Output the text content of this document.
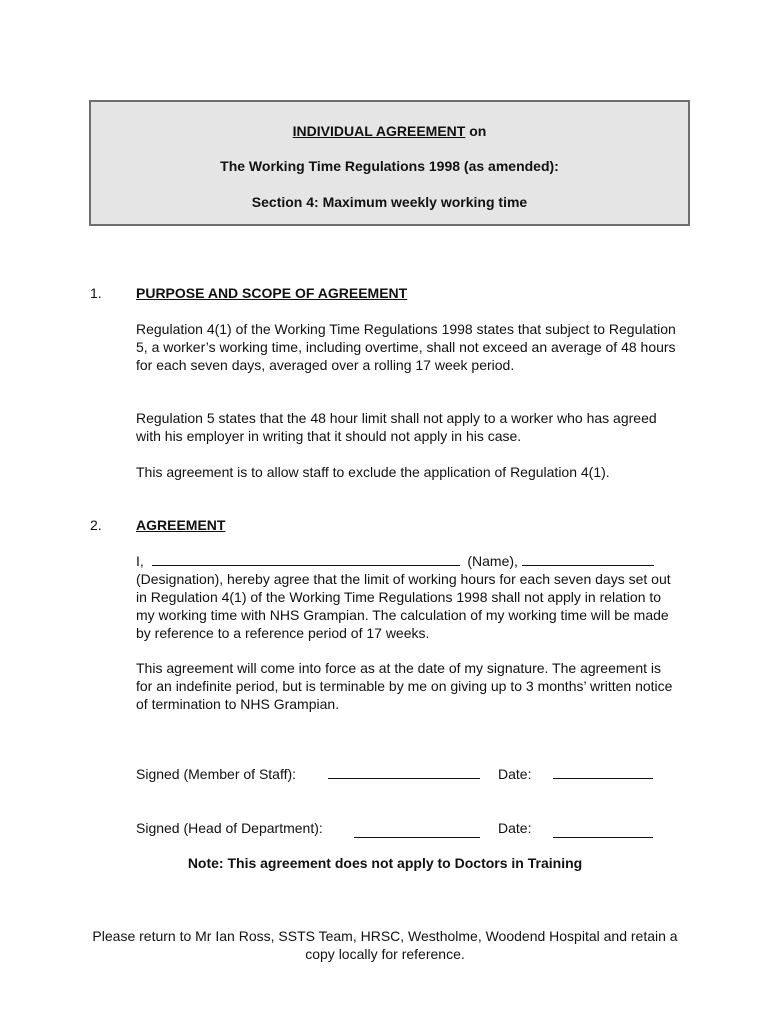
INDIVIDUAL AGREEMENT on
The Working Time Regulations 1998 (as amended):
Section 4: Maximum weekly working time
1. PURPOSE AND SCOPE OF AGREEMENT

Regulation 4(1) of the Working Time Regulations 1998 states that subject to Regulation 5, a worker’s working time, including overtime, shall not exceed an average of 48 hours for each seven days, averaged over a rolling 17 week period.

Regulation 5 states that the 48 hour limit shall not apply to a worker who has agreed with his employer in writing that it should not apply in his case.

This agreement is to allow staff to exclude the application of Regulation 4(1).

2. AGREEMENT
I,	(Name),
(Designation), hereby agree that the limit of working hours for each seven days set out in Regulation 4(1) of the Working Time Regulations 1998 shall not apply in relation to my working time with NHS Grampian. The calculation of my working time will be made by reference to a reference period of 17 weeks.

This agreement will come into force as at the date of my signature. The agreement is for an indefinite period, but is terminable by me on giving up to 3 months’ written notice of termination to NHS Grampian.

Signed (Member of Staff):	Date:
Signed (Head of Department):	Date:
Note: This agreement does not apply to Doctors in Training
Please return to Mr Ian Ross, SSTS Team, HRSC, Westholme, Woodend Hospital and retain a copy locally for reference.
